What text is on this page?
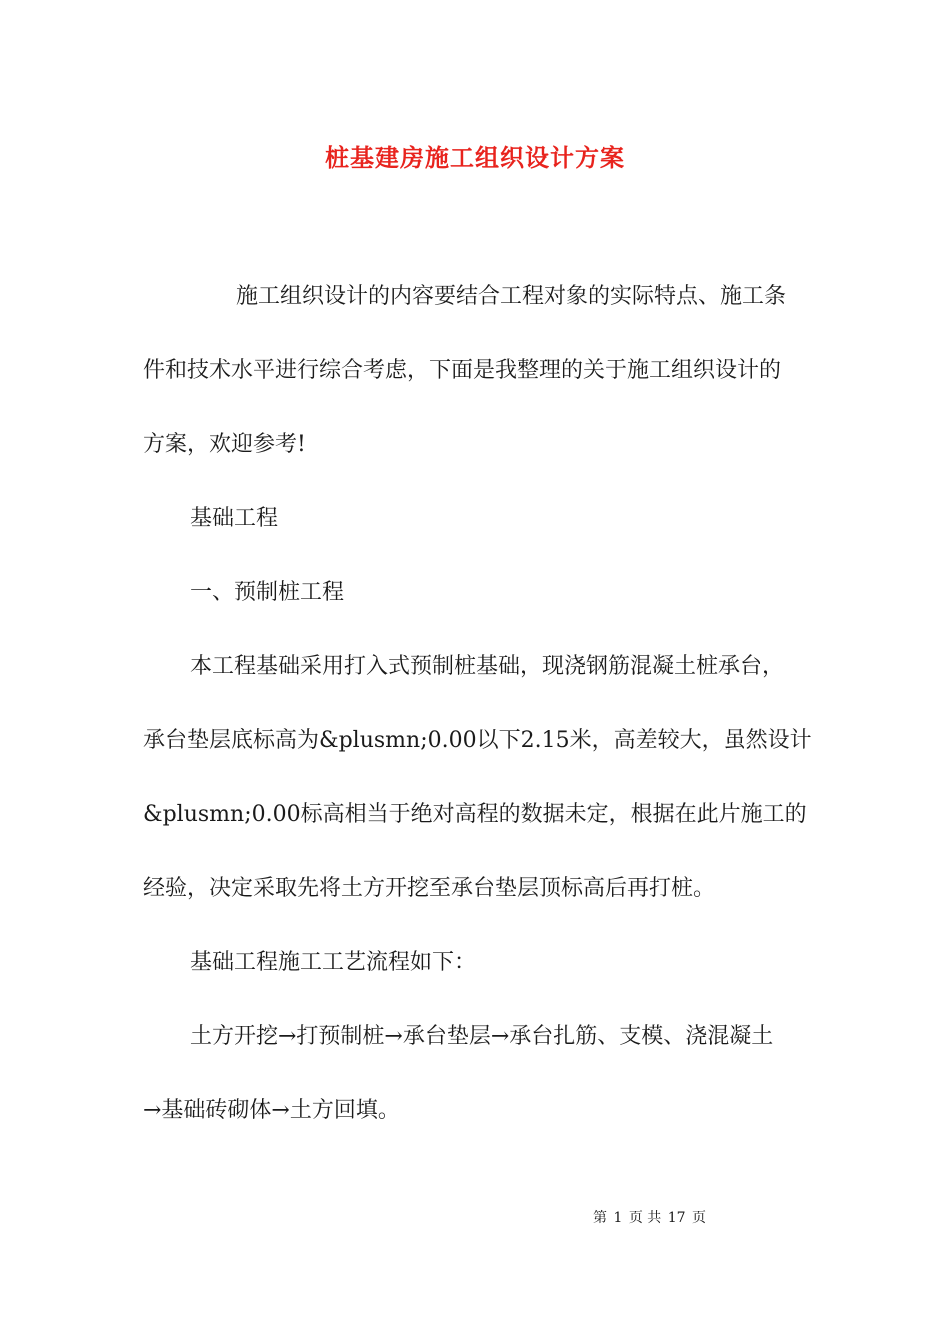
桩基建房施工组织设计方案

施工组织设计的内容要结合工程对象的实际特点、施工条

件和技术水平进行综合考虑，下面是我整理的关于施工组织设计的

方案，欢迎参考!

基础工程

一、预制桩工程

本工程基础采用打入式预制桩基础，现浇钢筋混凝土桩承台，

承台垫层底标高为&plusmn;0.00以下2.15米，高差较大，虽然设计

&plusmn;0.00标高相当于绝对高程的数据未定，根据在此片施工的

经验，决定采取先将土方开挖至承台垫层顶标高后再打桩。

基础工程施工工艺流程如下：

土方开挖→打预制桩→承台垫层→承台扎筋、支模、浇混凝土

→基础砖砌体→土方回填。

第 1 页 共 17 页
